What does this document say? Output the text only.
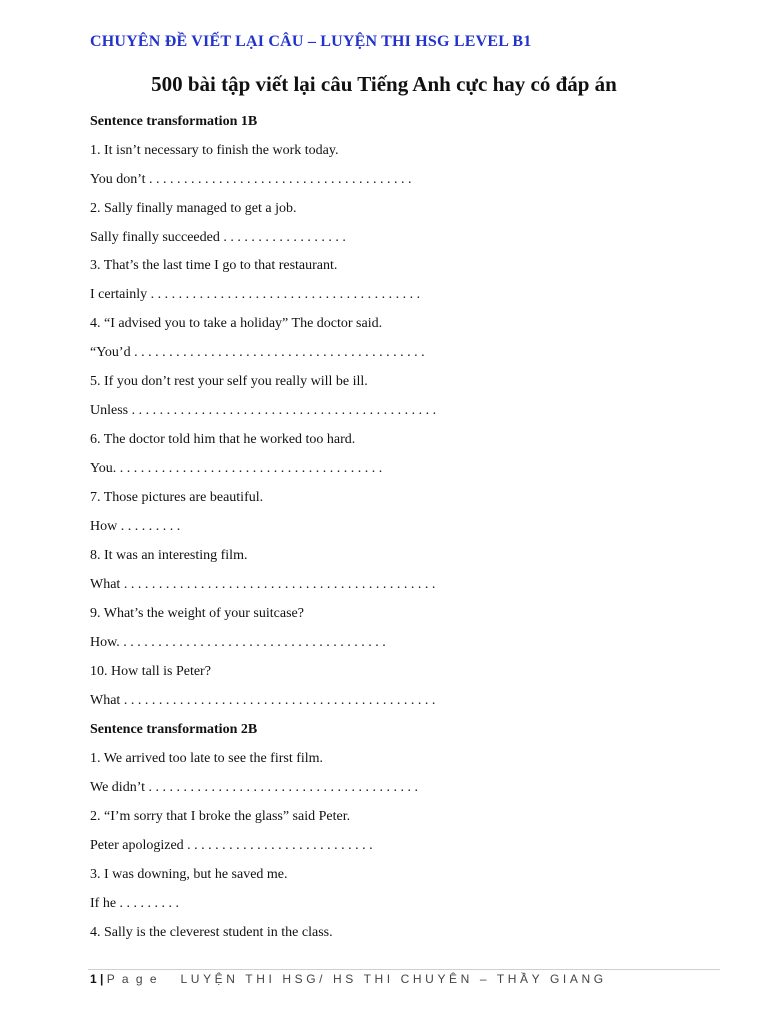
CHUYÊN ĐỀ VIẾT LẠI CÂU – LUYỆN THI HSG LEVEL B1
500 bài tập viết lại câu Tiếng Anh cực hay có đáp án
Sentence transformation 1B
1. It isn’t necessary to finish the work today.
You don’t . . . . . . . . . . . . . . . . . . . . . . . . . . . . . . . . . . . . . .
2. Sally finally managed to get a job.
Sally finally succeeded . . . . . . . . . . . . . . . . . .
3. That’s the last time I go to that restaurant.
I certainly . . . . . . . . . . . . . . . . . . . . . . . . . . . . . . . . . . . . . . .
4. “I advised you to take a holiday” The doctor said.
“You’d . . . . . . . . . . . . . . . . . . . . . . . . . . . . . . . . . . . . . . . . . .
5. If you don’t rest your self you really will be ill.
Unless . . . . . . . . . . . . . . . . . . . . . . . . . . . . . . . . . . . . . . . . . . . .
6. The doctor told him that he worked too hard.
You. . . . . . . . . . . . . . . . . . . . . . . . . . . . . . . . . . . . . . .
7. Those pictures are beautiful.
How . . . . . . . . .
8. It was an interesting film.
What . . . . . . . . . . . . . . . . . . . . . . . . . . . . . . . . . . . . . . . . . . . . .
9. What’s the weight of your suitcase?
How. . . . . . . . . . . . . . . . . . . . . . . . . . . . . . . . . . . . . . .
10. How tall is Peter?
What . . . . . . . . . . . . . . . . . . . . . . . . . . . . . . . . . . . . . . . . . . . . .
Sentence transformation 2B
1. We arrived too late to see the first film.
We didn’t . . . . . . . . . . . . . . . . . . . . . . . . . . . . . . . . . . . . . . .
2. “I’m sorry that I broke the glass” said Peter.
Peter apologized . . . . . . . . . . . . . . . . . . . . . . . . . . .
3. I was downing, but he saved me.
If he . . . . . . . . .
4. Sally is the cleverest student in the class.
1 | P a g e LUYỆN THI HSG/ HS THI CHUYÊN – THẦY GIANG
